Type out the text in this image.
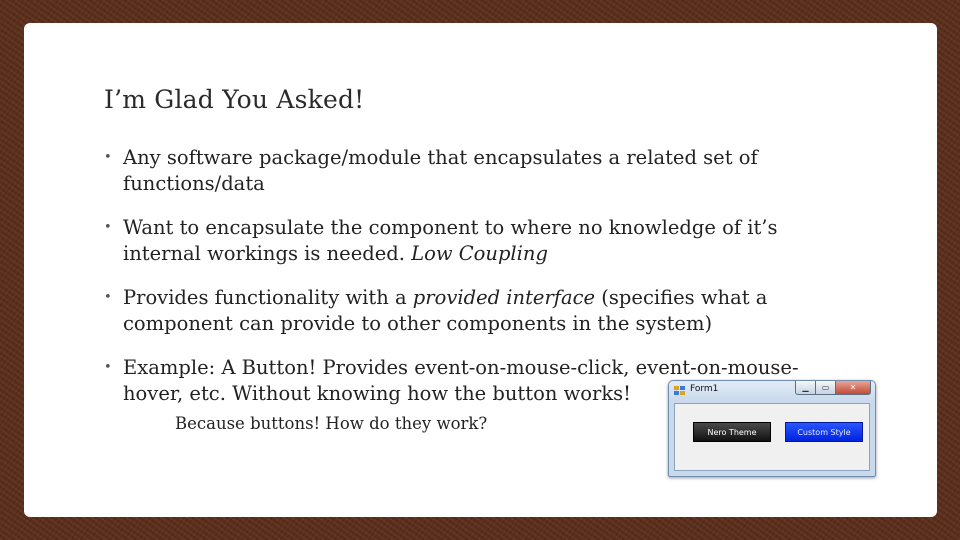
I’m Glad You Asked!
• Any software package/module that encapsulates a related set of functions/data
• Want to encapsulate the component to where no knowledge of it’s internal workings is needed. Low Coupling
• Provides functionality with a provided interface (specifies what a component can provide to other components in the system)
• Example: A Button! Provides event-on-mouse-click, event-on-mouse-hover, etc. Without knowing how the button works!
Because buttons! How do they work?
Form1	▁	▭	✕
Nero Theme	Custom Style
